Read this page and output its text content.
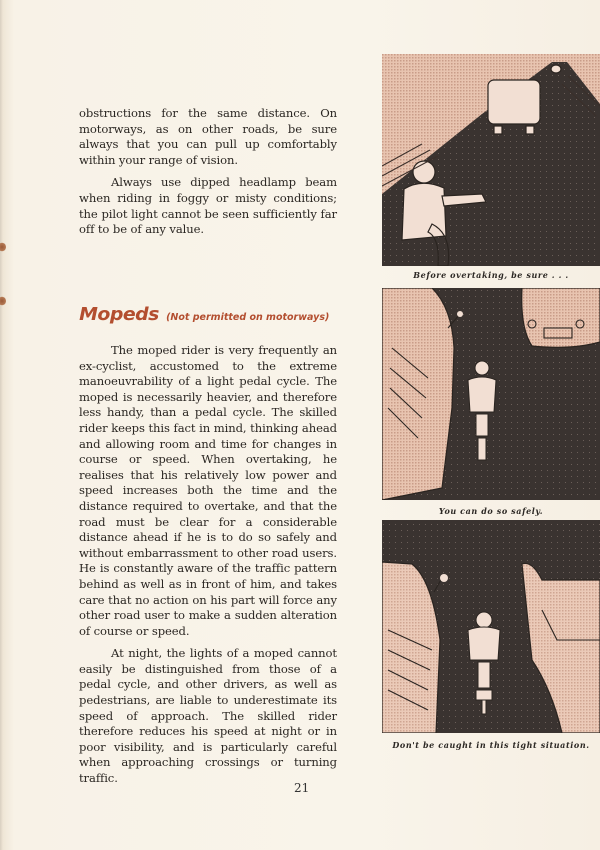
obstructions for the same distance. On motorways, as on other roads, be sure always that you can pull up comfortably within your range of vision.

Always use dipped headlamp beam when riding in foggy or misty conditions; the pilot light cannot be seen sufficiently far off to be of any value.

Mopeds (Not permitted on motorways)

The moped rider is very frequently an ex-cyclist, accustomed to the extreme manoeuvrability of a light pedal cycle. The moped is necessarily heavier, and therefore less handy, than a pedal cycle. The skilled rider keeps this fact in mind, thinking ahead and allowing room and time for changes in course or speed. When overtaking, he realises that his relatively low power and speed increases both the time and the distance required to overtake, and that the road must be clear for a considerable distance ahead if he is to do so safely and without embarrassment to other road users. He is constantly aware of the traffic pattern behind as well as in front of him, and takes care that no action on his part will force any other road user to make a sudden alteration of course or speed.

At night, the lights of a moped cannot easily be distinguished from those of a pedal cycle, and other drivers, as well as pedestrians, are liable to underestimate its speed of approach. The skilled rider therefore reduces his speed at night or in poor visibility, and is particularly careful when approaching crossings or turning traffic.

Before overtaking, be sure . . .
You can do so safely.
Don't be caught in this tight situation.
21
